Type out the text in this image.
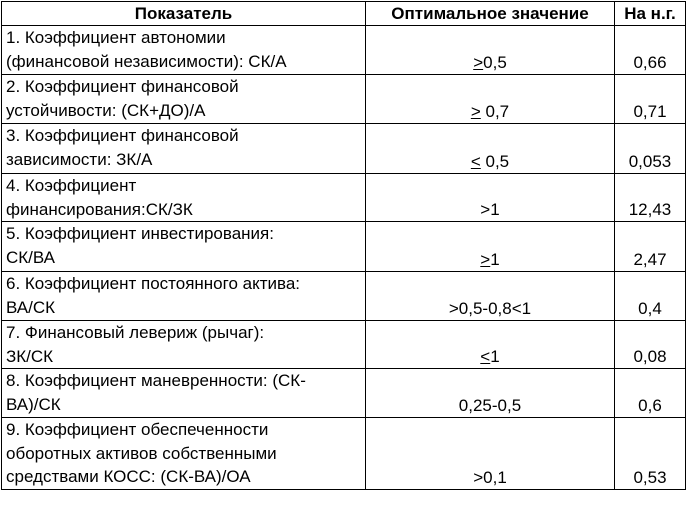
Показатель	Оптимальное значение	На н.г.

1. Коэффициент автономии
(финансовой независимости): СК/А	>0,5	0,66

2. Коэффициент финансовой
устойчивости: (СК+ДО)/А	> 0,7	0,71

3. Коэффициент финансовой
зависимости: ЗК/А	< 0,5	0,053

4. Коэффициент
финансирования:СК/ЗК	>1	12,43

5. Коэффициент инвестирования:
СК/ВА	>1	2,47

6. Коэффициент постоянного актива:
ВА/СК	>0,5-0,8<1	0,4

7. Финансовый левериж (рычаг):
ЗК/СК	<1	0,08

8. Коэффициент маневренности: (СК-
ВА)/СК	0,25-0,5	0,6

9. Коэффициент обеспеченности
оборотных активов собственными
средствами КОСС: (СК-ВА)/ОА	>0,1	0,53
